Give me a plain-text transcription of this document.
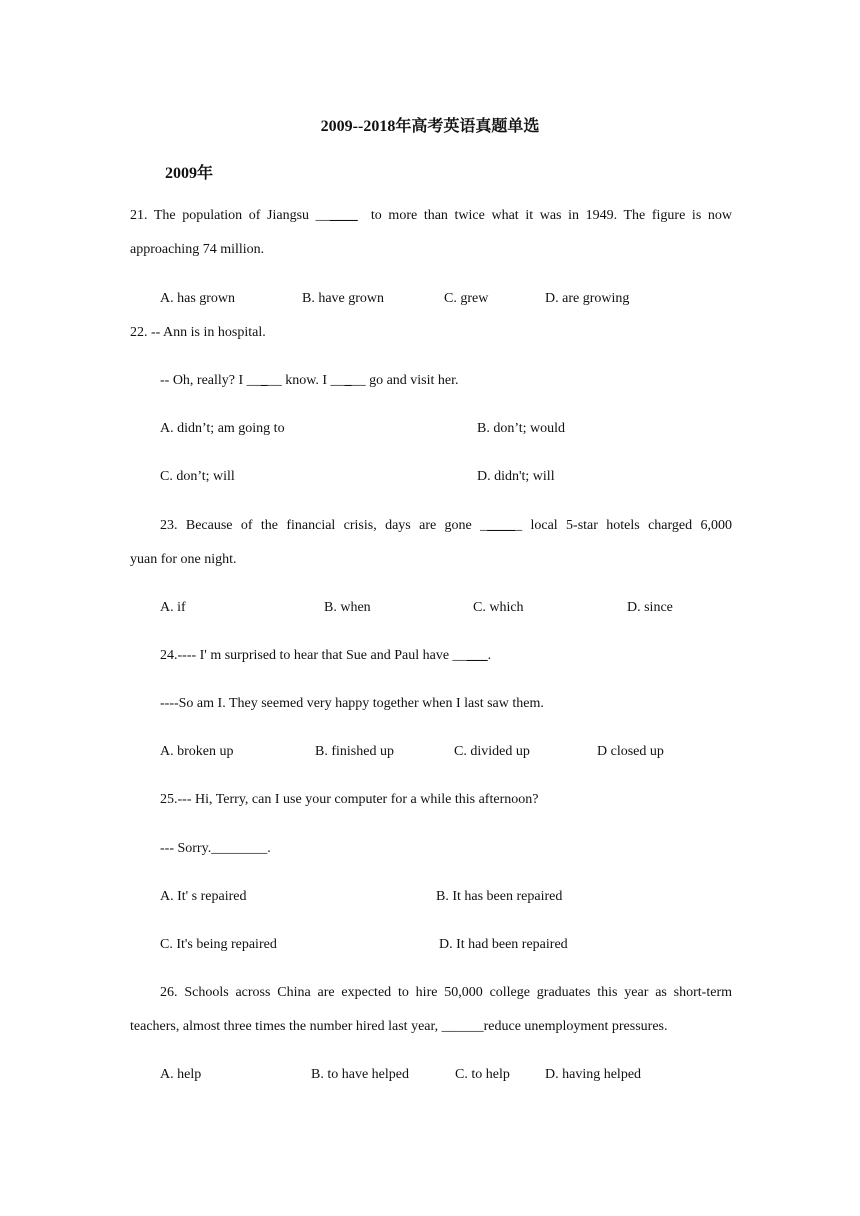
2009--2018年高考英语真题单选
2009年
21. The population of Jiangsu ______ to more than twice what it was in 1949. The figure is now
approaching 74 million.
A. has grown	B. have grown	C. grew	D. are growing
22. -- Ann is in hospital.
-- Oh, really? I _____ know. I _____ go and visit her.
A. didn’t; am going to	B. don’t; would
C. don’t; will	D. didn't; will
23. Because of the financial crisis, days are gone ______ local 5-star hotels charged 6,000
yuan for one night.
A. if	B. when	C. which	D. since
24.---- I' m surprised to hear that Sue and Paul have _____.
----So am I. They seemed very happy together when I last saw them.
A. broken up	B. finished up	C. divided up	D closed up
25.--- Hi, Terry, can I use your computer for a while this afternoon?
--- Sorry.________.
A. It' s repaired	B. It has been repaired
C. It's being repaired	D. It had been repaired
26. Schools across China are expected to hire 50,000 college graduates this year as short-term
teachers, almost three times the number hired last year, ______reduce unemployment pressures.
A. help	B. to have helped	C. to help	D. having helped
